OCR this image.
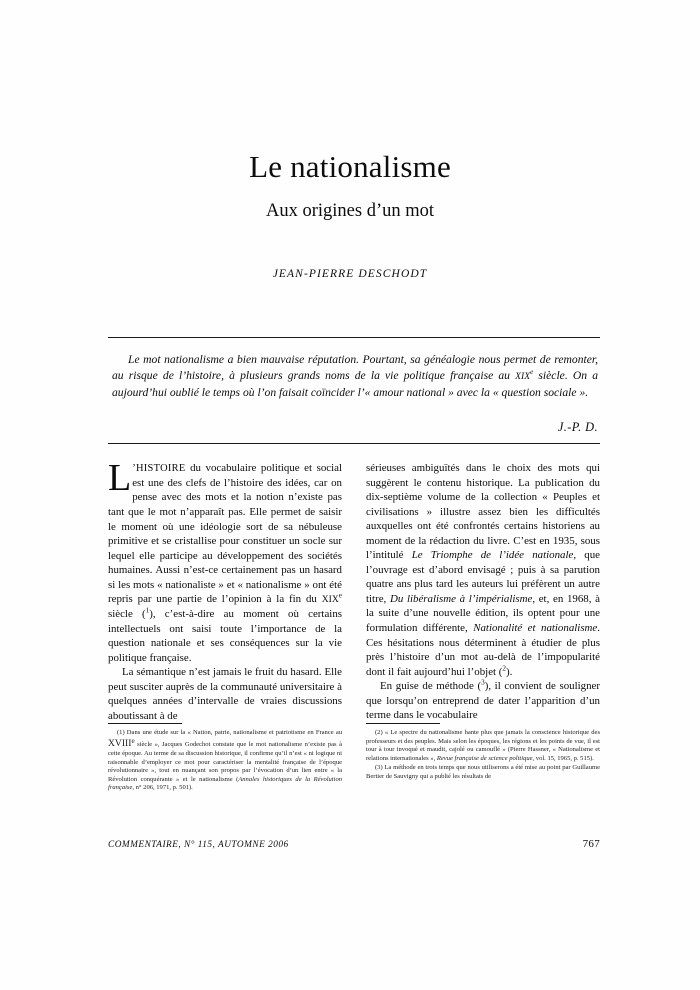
Le nationalisme
Aux origines d’un mot
JEAN-PIERRE DESCHODT
Le mot nationalisme a bien mauvaise réputation. Pourtant, sa généalogie nous permet de remonter, au risque de l’histoire, à plusieurs grands noms de la vie politique française au XIXe siècle. On a aujourd’hui oublié le temps où l’on faisait coïncider l’« amour national » avec la « question sociale ».
J.-P. D.

L ’HISTOIRE du vocabulaire politique et social est une des clefs de l’histoire des idées, car on pense avec des mots et la notion n’existe pas tant que le mot n’apparaît pas. Elle permet de saisir le moment où une idéologie sort de sa nébuleuse primitive et se cristallise pour constituer un socle sur lequel elle participe au développement des sociétés humaines. Aussi n’est-ce certainement pas un hasard si les mots « nationaliste » et « nationalisme » ont été repris par une partie de l’opinion à la fin du XIXe siècle ($^1$), c’est-à-dire au moment où certains intellectuels ont saisi toute l’importance de la question nationale et ses conséquences sur la vie politique française.

La sémantique n’est jamais le fruit du hasard. Elle peut susciter auprès de la communauté universitaire à quelques années d’intervalle de vraies discussions aboutissant à de

sérieuses ambiguïtés dans le choix des mots qui suggèrent le contenu historique. La publication du dix-septième volume de la collection « Peuples et civilisations » illustre assez bien les difficultés auxquelles ont été confrontés certains historiens au moment de la rédaction du livre. C’est en 1935, sous l’intitulé Le Triomphe de l’idée nationale, que l’ouvrage est d’abord envisagé ; puis à sa parution quatre ans plus tard les auteurs lui préfèrent un autre titre, Du libéralisme à l’impérialisme, et, en 1968, à la suite d’une nouvelle édition, ils optent pour une formulation différente, Nationalité et nationalisme. Ces hésitations nous déterminent à étudier de plus près l’histoire d’un mot au-delà de l’impopularité dont il fait aujourd’hui l’objet ($^2$).

En guise de méthode ($^3$), il convient de souligner que lorsqu’on entreprend de dater l’apparition d’un terme dans le vocabulaire

(1) Dans une étude sur la « Nation, patrie, nationalisme et patriotisme en France au XVIIIe siècle », Jacques Godechot constate que le mot nationalisme n’existe pas à cette époque. Au terme de sa discussion historique, il confirme qu’il n’est « ni logique ni raisonnable d’employer ce mot pour caractériser la mentalité française de l’époque révolutionnaire », tout en nuançant son propos par l’évocation d’un lien entre « la Révolution conquérante » et le nationalisme (Annales historiques de la Révolution française, n° 206, 1971, p. 501).

(2) « Le spectre du nationalisme hante plus que jamais la conscience historique des professeurs et des peuples. Mais selon les époques, les régions et les points de vue, il est tour à tour invoqué et maudit, cajolé ou camouflé » (Pierre Hassner, « Nationalisme et relations internationales », Revue française de science politique, vol. 15, 1965, p. 515).

(3) La méthode en trois temps que nous utiliserons a été mise au point par Guillaume Bertier de Sauvigny qui a publié les résultats de

COMMENTAIRE, N° 115, AUTOMNE 2006	767
